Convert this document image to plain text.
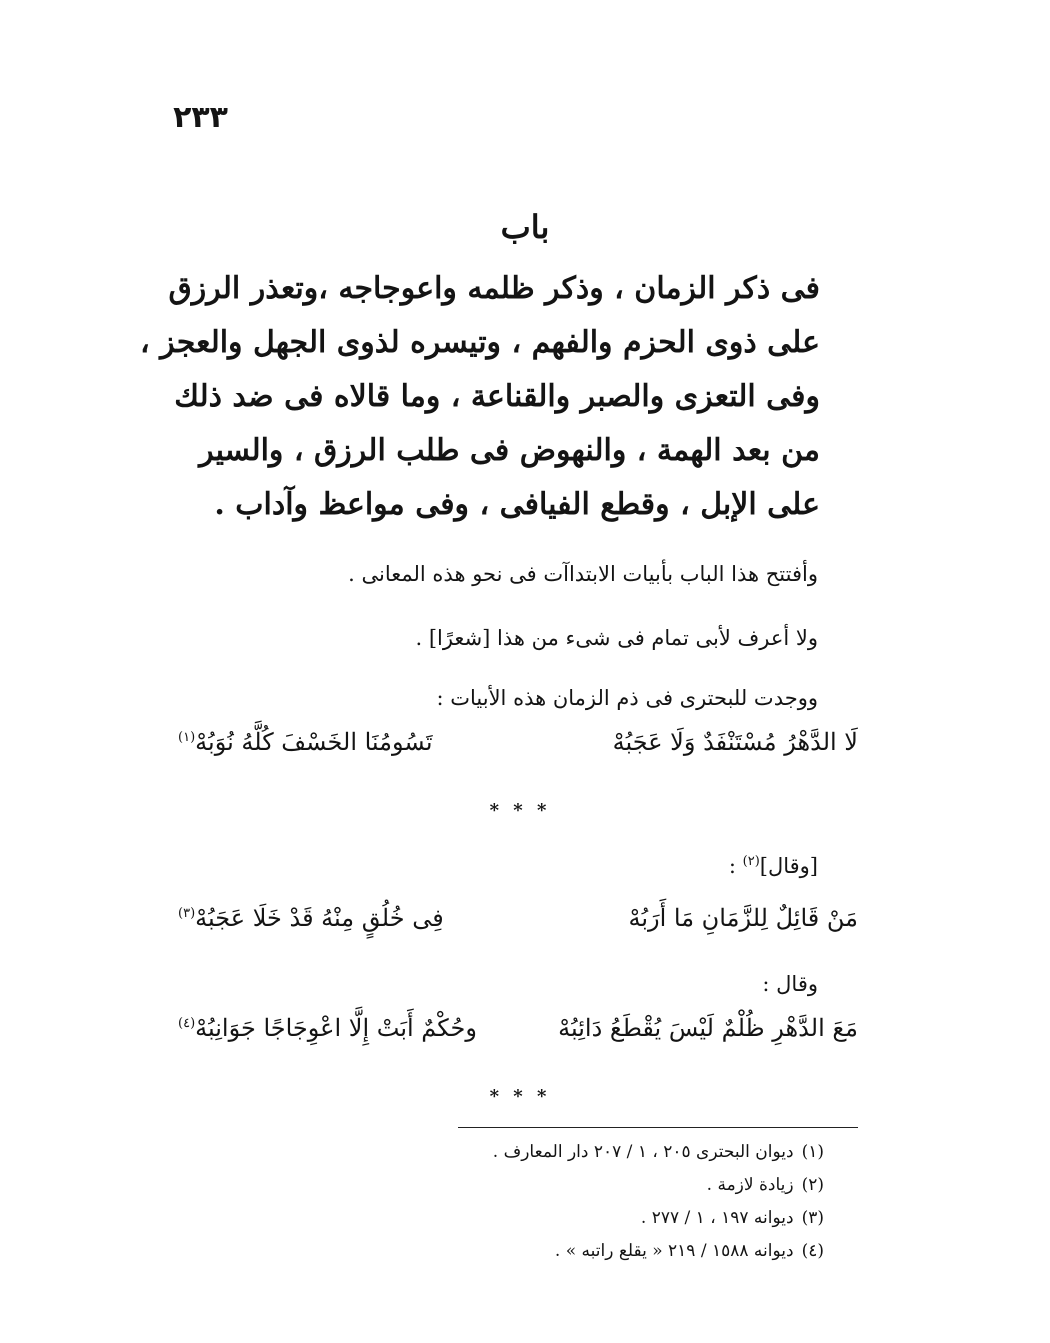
٢٣٣
باب
فى ذكر الزمان ، وذكر ظلمه واعوجاجه ،وتعذر الرزق
على ذوى الحزم والفهم ، وتيسره لذوى الجهل والعجز ،
وفى التعزى والصبر والقناعة ، وما قالاه فى ضد ذلك
من بعد الهمة ، والنهوض فى طلب الرزق ، والسير
على الإبل ، وقطع الفيافى ، وفى مواعظ وآداب .
وأفتتح هذا الباب بأبيات الابتداآت فى نحو هذه المعانى .
ولا أعرف لأبى تمام فى شىء من هذا [شعرًا] .
ووجدت للبحترى فى ذم الزمان هذه الأبيات :
لَا الدَّهْرُ مُسْتَنْفَدٌ وَلَا عَجَبُهْ
تَسُومُنَا الخَسْفَ كُلَّهُ نُوَبُهْ$^{(١)}$
* * *
[وقال]$^{(٢)}$ :
مَنْ قَائِلٌ لِلزَّمَانِ مَا أَرَبُهْ
فِى خُلُقٍ مِنْهُ قَدْ خَلَا عَجَبُهْ$^{(٣)}$
وقال :
مَعَ الدَّهْرِ ظُلْمٌ لَيْسَ يُقْطَعُ دَائِبُهْ
وحُكْمٌ أَبَتْ إِلَّا اعْوِجَاجًا جَوَانِبُهْ$^{(٤)}$
* * *
(١)ديوان البحترى ٢٠٥ ، ١ / ٢٠٧ دار المعارف .
(٢)زيادة لازمة .
(٣)ديوانه ١٩٧ ، ١ / ٢٧٧ .
(٤)ديوانه ١٥٨٨ / ٢١٩ « يقلع راتبه » .
